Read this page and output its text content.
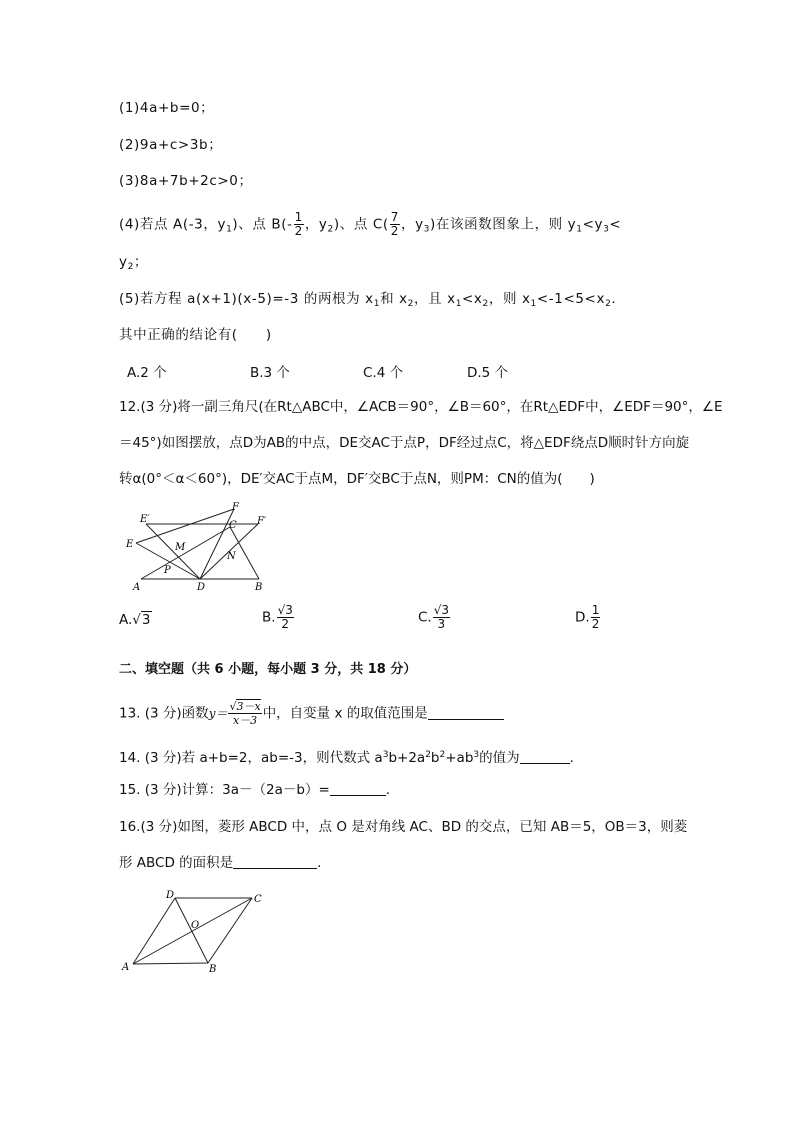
(1)4a+b=0；
(2)9a+c>3b；
(3)8a+7b+2c>0；
(4)若点 A(-3，$y_1$)、点 $B(- \frac{1}{2}$ ，$y_2$)、点 $C( \frac{7}{2}$ ，$y_3$)在该函数图象上，则 $y_1<y_3<$
$y_2$；
(5)若方程 a(x+1)(x-5)=-3 的两根为 $x_1$和 $x_2$，且 $x_1<x_2$，则 $x_1<-1<5<x_2$.
其中正确的结论有(　　)
A.2 个	B.3 个	C.4 个	D.5 个
12.(3 分)将一副三角尺(在Rt△ABC中，∠ACB＝90°，∠B＝60°，在Rt△EDF中，∠EDF＝90°，∠E
＝45°)如图摆放，点D为AB的中点，DE交AC于点P，DF经过点C，将△EDF绕点D顺时针方向旋
转α(0°＜α＜60°)，DE′交AC于点M，DF′交BC于点N，则PM：CN的值为(　　)
F
E′
C F′
E	M
N
P
A	D	B
A.√3	B. $\frac{√3}{2}$	C. $\frac{√3}{3}$	D. $\frac{1}{2}$
二、填空题（共 6 小题，每小题 3 分，共 18 分）
13. (3 分)函数$y= \frac{√3-x}{x-3}$ 中，自变量 x 的取值范围是
14. (3 分)若 a+b=2，ab=-3，则代数式 $a^3b+2a^2b^2+ab^3$的值为	.
15. (3 分)计算：3a－（2a－b）=	.
16.(3 分)如图，菱形 ABCD 中，点 O 是对角线 AC、BD 的交点，已知 AB＝5，OB＝3，则菱
形 ABCD 的面积是	.
D	C
O
A	B
